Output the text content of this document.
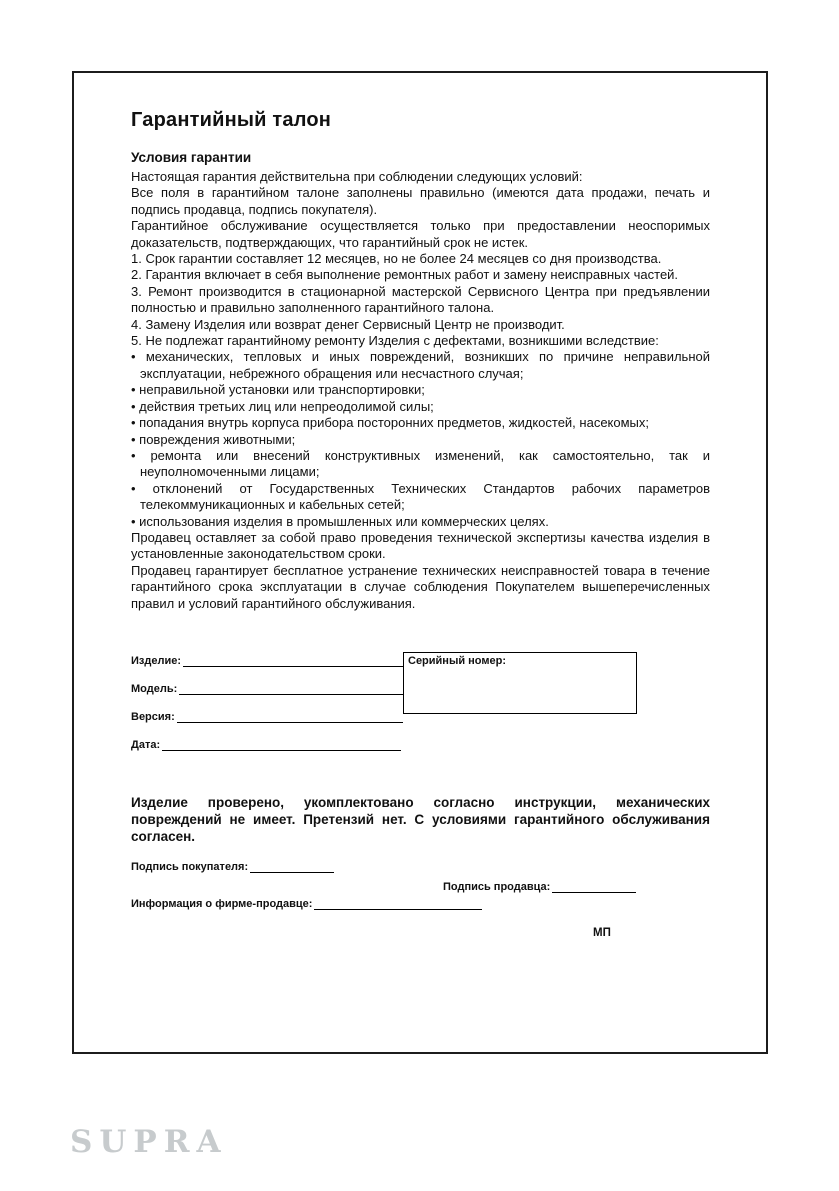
Гарантийный талон
Условия гарантии

Настоящая гарантия действительна при соблюдении следующих условий:

Все поля в гарантийном талоне заполнены правильно (имеются дата продажи, печать и подпись продавца, подпись покупателя).

Гарантийное обслуживание осуществляется только при предоставлении неоспоримых доказательств, подтверждающих, что гарантийный срок не истек.

1. Срок гарантии составляет 12 месяцев, но не более 24 месяцев со дня производства.

2. Гарантия включает в себя выполнение ремонтных работ и замену неисправных частей.

3. Ремонт производится в стационарной мастерской Сервисного Центра при предъявлении полностью и правильно заполненного гарантийного талона.

4. Замену Изделия или возврат денег Сервисный Центр не производит.

5. Не подлежат гарантийному ремонту Изделия с дефектами, возникшими вследствие:

• механических, тепловых и иных повреждений, возникших по причине неправильной эксплуатации, небрежного обращения или несчастного случая;

• неправильной установки или транспортировки;

• действия третьих лиц или непреодолимой силы;

• попадания внутрь корпуса прибора посторонних предметов, жидкостей, насекомых;

• повреждения животными;

• ремонта или внесений конструктивных изменений, как самостоятельно, так и неуполномоченными лицами;

• отклонений от Государственных Технических Стандартов рабочих параметров телекоммуникационных и кабельных сетей;

• использования изделия в промышленных или коммерческих целях.

Продавец оставляет за собой право проведения технической экспертизы качества изделия в установленные законодательством сроки.

Продавец гарантирует бесплатное устранение технических неисправностей товара в течение гарантийного срока эксплуатации в случае соблюдения Покупателем вышеперечисленных правил и условий гарантийного обслуживания.

Изделие:
Модель:
Версия:
Дата:
Серийный номер:

Изделие проверено, укомплектовано согласно инструкции, механических повреждений не имеет. Претензий нет. С условиями гарантийного обслуживания согласен.

Подпись покупателя:
Подпись продавца:
Информация о фирме-продавце:
МП
SUPRA
